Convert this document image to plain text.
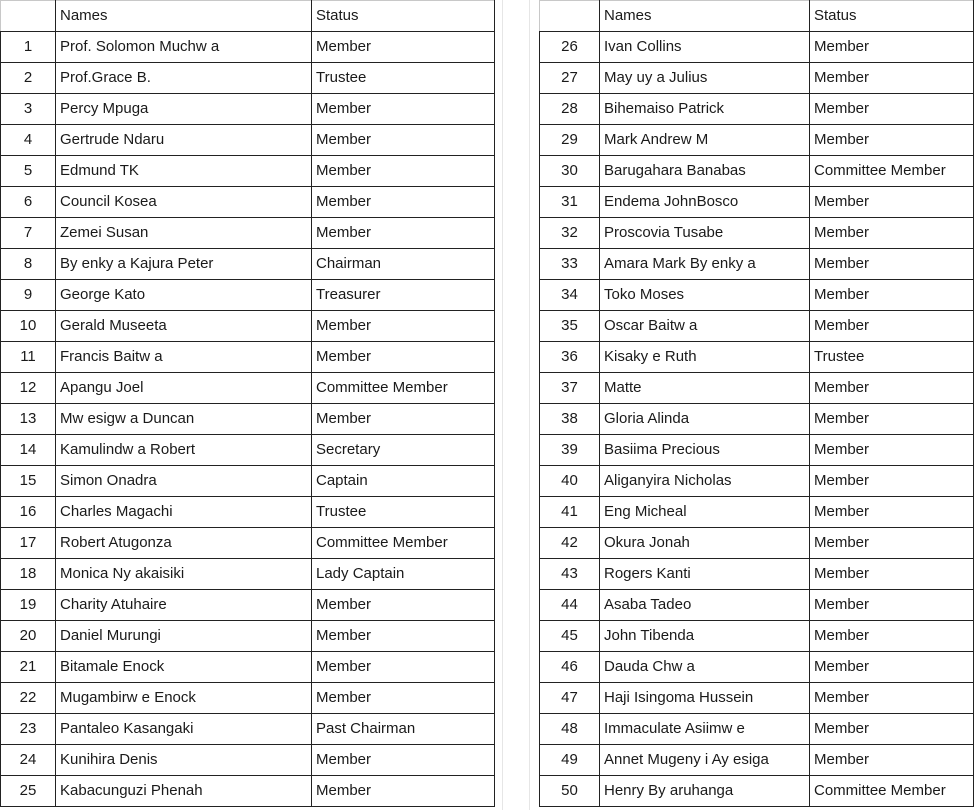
	Names	Status
1	Prof. Solomon Muchw a	Member
2	Prof.Grace B.	Trustee
3	Percy Mpuga	Member
4	Gertrude Ndaru	Member
5	Edmund TK	Member
6	Council Kosea	Member
7	Zemei Susan	Member
8	By enky a Kajura Peter	Chairman
9	George Kato	Treasurer
10	Gerald Museeta	Member
11	Francis Baitw a	Member
12	Apangu Joel	Committee Member
13	Mw esigw a Duncan	Member
14	Kamulindw a Robert	Secretary
15	Simon Onadra	Captain
16	Charles Magachi	Trustee
17	Robert Atugonza	Committee Member
18	Monica Ny akaisiki	Lady Captain
19	Charity Atuhaire	Member
20	Daniel Murungi	Member
21	Bitamale Enock	Member
22	Mugambirw e Enock	Member
23	Pantaleo Kasangaki	Past Chairman
24	Kunihira Denis	Member
25	Kabacunguzi Phenah	Member
	Names	Status
26	Ivan Collins	Member
27	May uy a Julius	Member
28	Bihemaiso Patrick	Member
29	Mark Andrew M	Member
30	Barugahara Banabas	Committee Member
31	Endema JohnBosco	Member
32	Proscovia Tusabe	Member
33	Amara Mark By enky a	Member
34	Toko Moses	Member
35	Oscar Baitw a	Member
36	Kisaky e Ruth	Trustee
37	Matte	Member
38	Gloria Alinda	Member
39	Basiima Precious	Member
40	Aliganyira Nicholas	Member
41	Eng Micheal	Member
42	Okura Jonah	Member
43	Rogers Kanti	Member
44	Asaba Tadeo	Member
45	John Tibenda	Member
46	Dauda Chw a	Member
47	Haji Isingoma Hussein	Member
48	Immaculate Asiimw e	Member
49	Annet Mugeny i Ay esiga	Member
50	Henry By aruhanga	Committee Member
